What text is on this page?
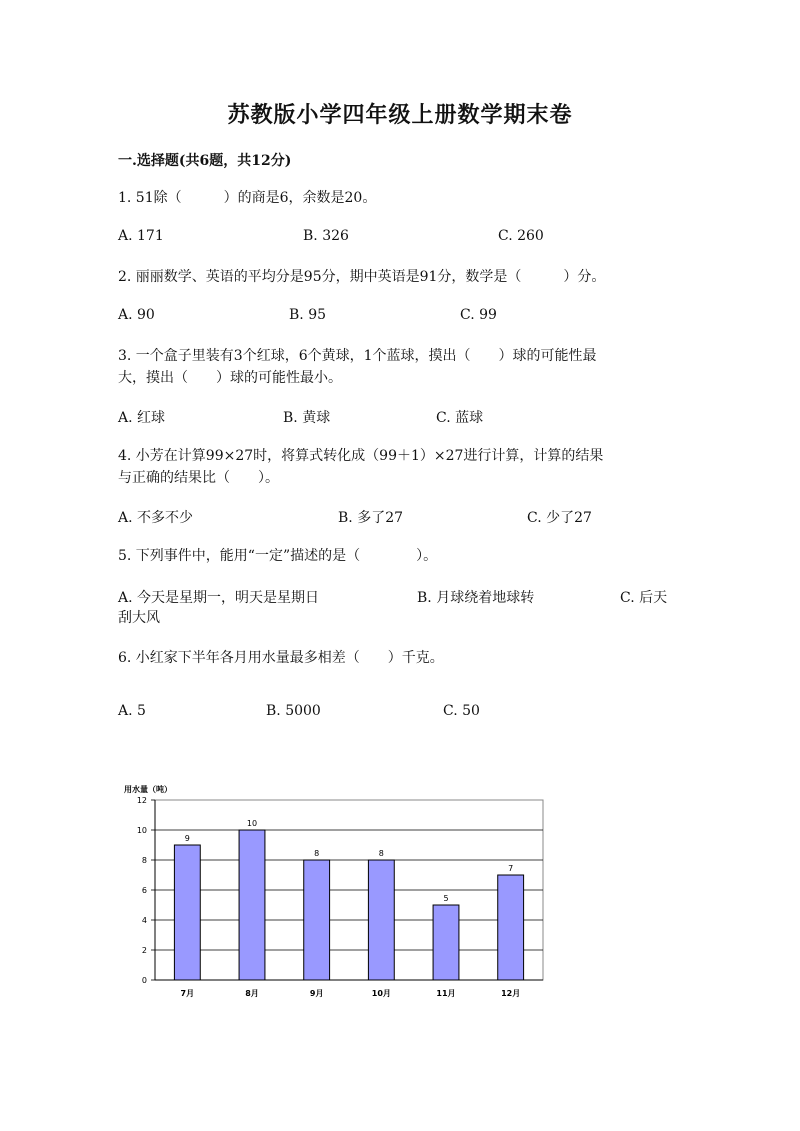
苏教版小学四年级上册数学期末卷
一.选择题(共6题，共12分)
1. 51除（　　　）的商是6，余数是20。
A. 171	B. 326	C. 260
2. 丽丽数学、英语的平均分是95分，期中英语是91分，数学是（　　　）分。
A. 90	B. 95	C. 99
3. 一个盒子里装有3个红球，6个黄球，1个蓝球，摸出（　　）球的可能性最
大，摸出（　　）球的可能性最小。
A. 红球	B. 黄球	C. 蓝球
4. 小芳在计算99×27时，将算式转化成（99＋1）×27进行计算，计算的结果
与正确的结果比（　　）。
A. 不多不少	B. 多了27	C. 少了27
5. 下列事件中，能用“一定”描述的是（　　　　）。
A. 今天是星期一，明天是星期日	B. 月球绕着地球转	C. 后天
刮大风
6. 小红家下半年各月用水量最多相差（　　）千克。
A. 5	B. 5000	C. 50
用水量（吨）
0
2
4
6
8
10
12
9
7月
10
8月
8
9月
8
10月
5
11月
7
12月
